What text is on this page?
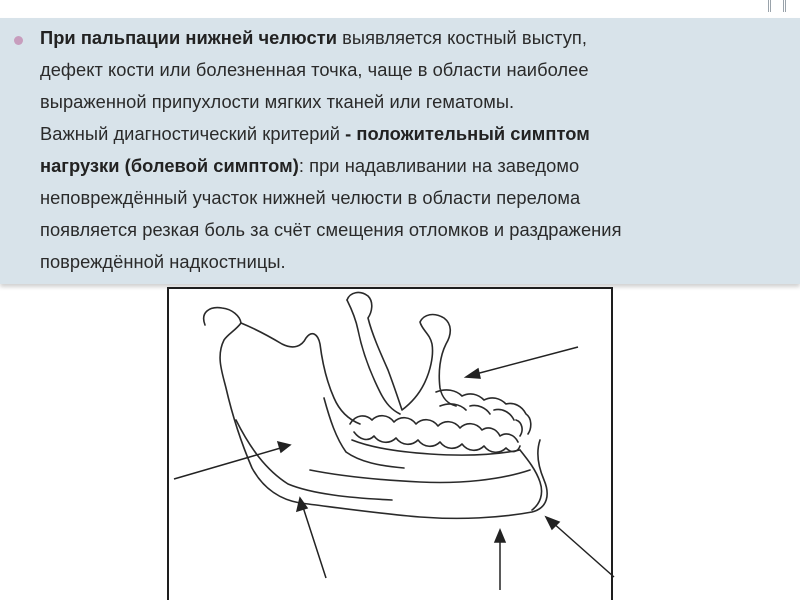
При пальпации нижней челюсти выявляется костный выступ,
дефект кости или болезненная точка, чаще в области наиболее
выраженной припухлости мягких тканей или гематомы.
Важный диагностический критерий - положительный симптом
нагрузки (болевой симптом): при надавливании на заведомо
неповреждённый участок нижней челюсти в области перелома
появляется резкая боль за счёт смещения отломков и раздражения
повреждённой надкостницы.
